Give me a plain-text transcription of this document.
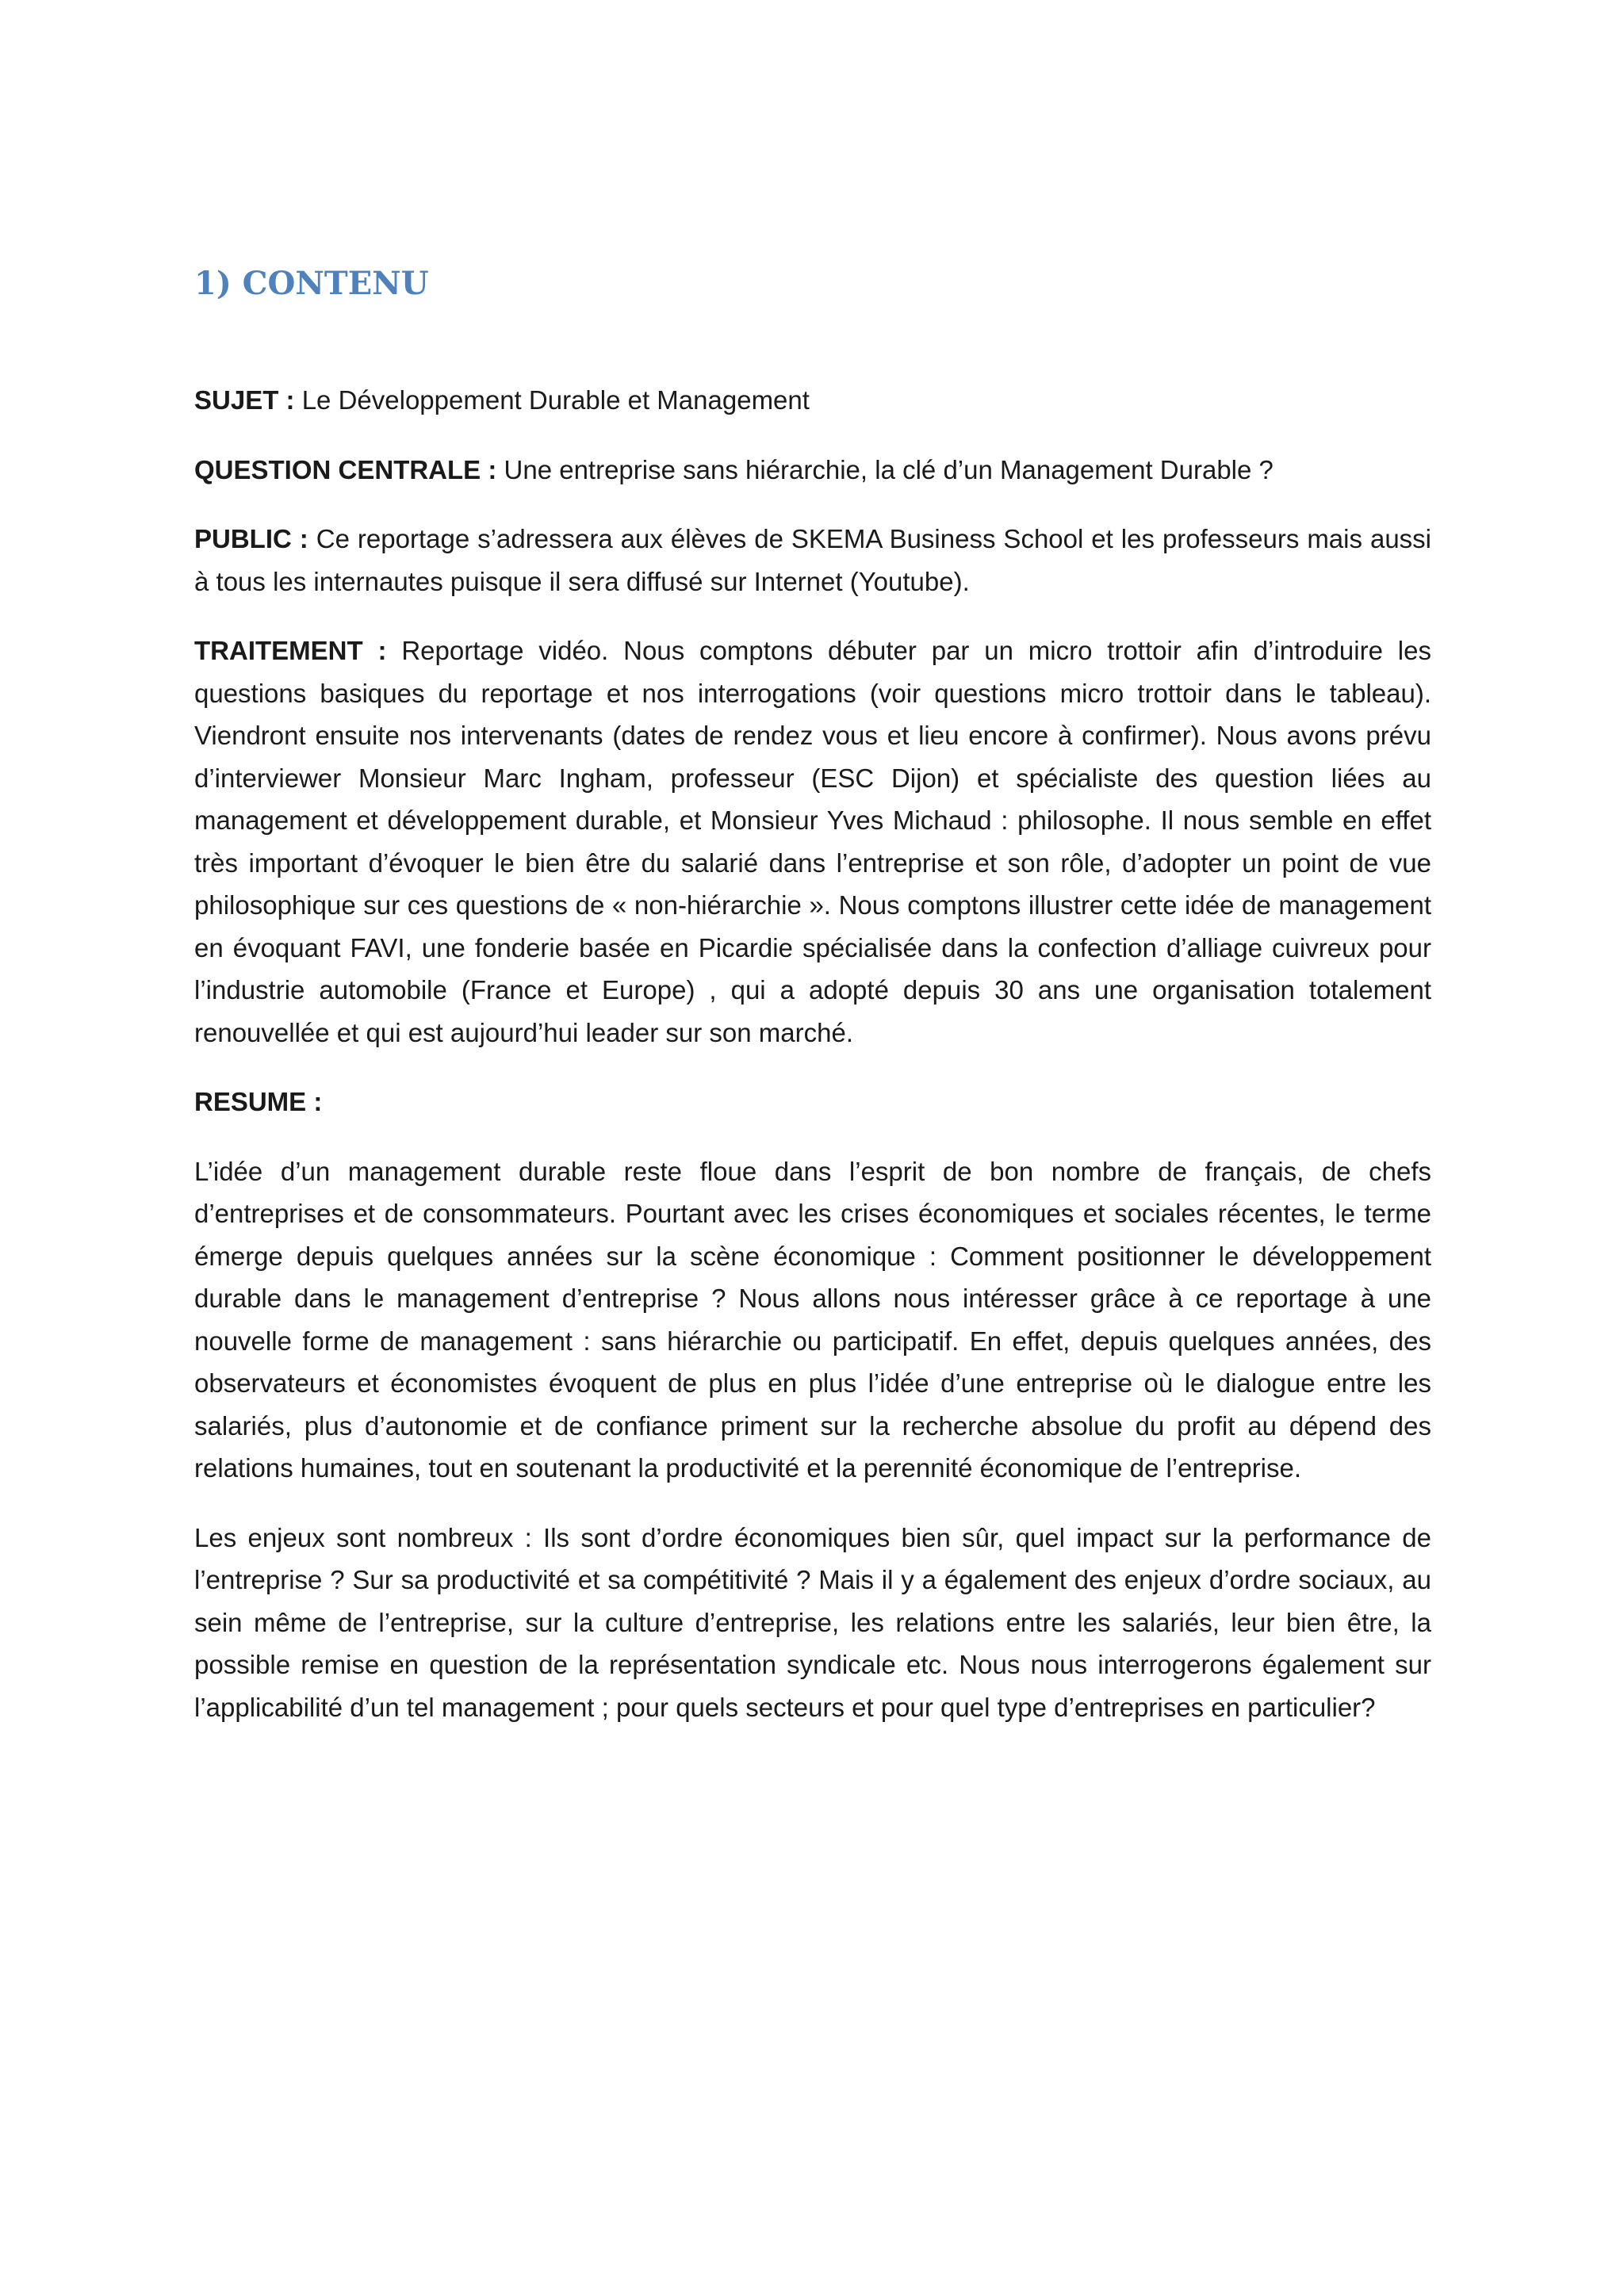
1) CONTENU

SUJET : Le Développement Durable et Management

QUESTION CENTRALE : Une entreprise sans hiérarchie, la clé d’un Management Durable ?

PUBLIC : Ce reportage s’adressera aux élèves de SKEMA Business School et les professeurs mais aussi à tous les internautes puisque il sera diffusé sur Internet (Youtube).

TRAITEMENT : Reportage vidéo. Nous comptons débuter par un micro trottoir afin d’introduire les questions basiques du reportage et nos interrogations (voir questions micro trottoir dans le tableau). Viendront ensuite nos intervenants (dates de rendez vous et lieu encore à confirmer). Nous avons prévu d’interviewer Monsieur Marc Ingham, professeur (ESC Dijon) et spécialiste des question liées au management et développement durable, et Monsieur Yves Michaud : philosophe. Il nous semble en effet très important d’évoquer le bien être du salarié dans l’entreprise et son rôle, d’adopter un point de vue philosophique sur ces questions de « non-hiérarchie ». Nous comptons illustrer cette idée de management en évoquant FAVI, une fonderie basée en Picardie spécialisée dans la confection d’alliage cuivreux pour l’industrie automobile (France et Europe) , qui a adopté depuis 30 ans une organisation totalement renouvellée et qui est aujourd’hui leader sur son marché.

RESUME :

L’idée d’un management durable reste floue dans l’esprit de bon nombre de français, de chefs d’entreprises et de consommateurs. Pourtant avec les crises économiques et sociales récentes, le terme émerge depuis quelques années sur la scène économique : Comment positionner le développement durable dans le management d’entreprise ? Nous allons nous intéresser grâce à ce reportage à une nouvelle forme de management : sans hiérarchie ou participatif. En effet, depuis quelques années, des observateurs et économistes évoquent de plus en plus l’idée d’une entreprise où le dialogue entre les salariés, plus d’autonomie et de confiance priment sur la recherche absolue du profit au dépend des relations humaines, tout en soutenant la productivité et la perennité économique de l’entreprise.

Les enjeux sont nombreux : Ils sont d’ordre économiques bien sûr, quel impact sur la performance de l’entreprise ? Sur sa productivité et sa compétitivité ? Mais il y a également des enjeux d’ordre sociaux, au sein même de l’entreprise, sur la culture d’entreprise, les relations entre les salariés, leur bien être, la possible remise en question de la représentation syndicale etc. Nous nous interrogerons également sur l’applicabilité d’un tel management ; pour quels secteurs et pour quel type d’entreprises en particulier?
